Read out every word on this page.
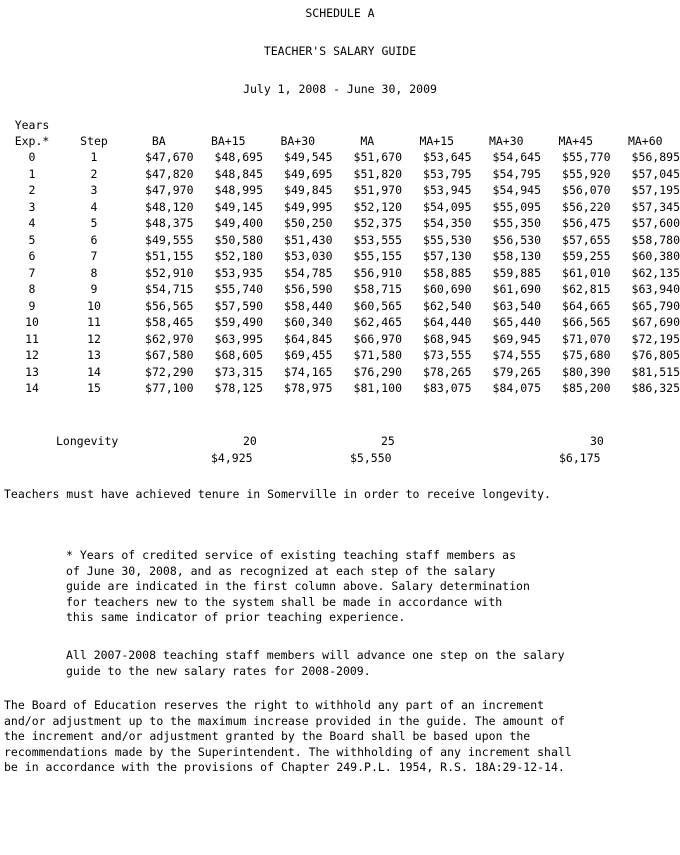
SCHEDULE A
TEACHER'S SALARY GUIDE
July 1, 2008 - June 30, 2009
Years
Exp.*	Step	BA	BA+15	BA+30	MA	MA+15	MA+30	MA+45	MA+60
0	1	$47,670	$48,695	$49,545	$51,670	$53,645	$54,645	$55,770	$56,895
1	2	$47,820	$48,845	$49,695	$51,820	$53,795	$54,795	$55,920	$57,045
2	3	$47,970	$48,995	$49,845	$51,970	$53,945	$54,945	$56,070	$57,195
3	4	$48,120	$49,145	$49,995	$52,120	$54,095	$55,095	$56,220	$57,345
4	5	$48,375	$49,400	$50,250	$52,375	$54,350	$55,350	$56,475	$57,600
5	6	$49,555	$50,580	$51,430	$53,555	$55,530	$56,530	$57,655	$58,780
6	7	$51,155	$52,180	$53,030	$55,155	$57,130	$58,130	$59,255	$60,380
7	8	$52,910	$53,935	$54,785	$56,910	$58,885	$59,885	$61,010	$62,135
8	9	$54,715	$55,740	$56,590	$58,715	$60,690	$61,690	$62,815	$63,940
9	10	$56,565	$57,590	$58,440	$60,565	$62,540	$63,540	$64,665	$65,790
10	11	$58,465	$59,490	$60,340	$62,465	$64,440	$65,440	$66,565	$67,690
11	12	$62,970	$63,995	$64,845	$66,970	$68,945	$69,945	$71,070	$72,195
12	13	$67,580	$68,605	$69,455	$71,580	$73,555	$74,555	$75,680	$76,805
13	14	$72,290	$73,315	$74,165	$76,290	$78,265	$79,265	$80,390	$81,515
14	15	$77,100	$78,125	$78,975	$81,100	$83,075	$84,075	$85,200	$86,325
Longevity	20	25	30
$4,925	$5,550	$6,175
Teachers must have achieved tenure in Somerville in order to receive longevity.
* Years of credited service of existing teaching staff members as
of June 30, 2008, and as recognized at each step of the salary
guide are indicated in the first column above. Salary determination
for teachers new to the system shall be made in accordance with
this same indicator of prior teaching experience.
All 2007-2008 teaching staff members will advance one step on the salary
guide to the new salary rates for 2008-2009.
The Board of Education reserves the right to withhold any part of an increment
and/or adjustment up to the maximum increase provided in the guide. The amount of
the increment and/or adjustment granted by the Board shall be based upon the
recommendations made by the Superintendent. The withholding of any increment shall
be in accordance with the provisions of Chapter 249.P.L. 1954, R.S. 18A:29-12-14.
